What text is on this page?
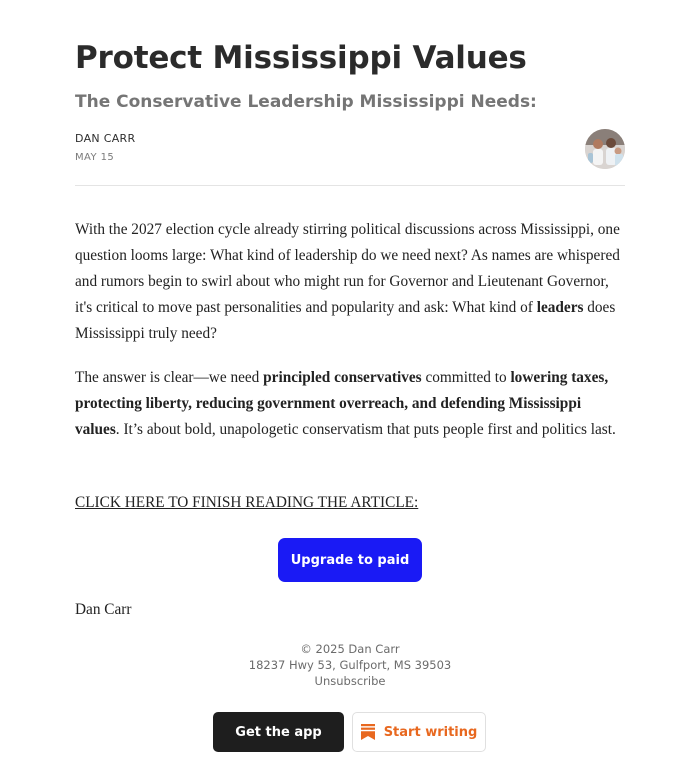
Protect Mississippi Values
The Conservative Leadership Mississippi Needs:
DAN CARR
MAY 15

With the 2027 election cycle already stirring political discussions across Mississippi, one question looms large: What kind of leadership do we need next? As names are whispered and rumors begin to swirl about who might run for Governor and Lieutenant Governor, it's critical to move past personalities and popularity and ask: What kind of leaders does Mississippi truly need?

The answer is clear—we need principled conservatives committed to lowering taxes, protecting liberty, reducing government overreach, and defending Mississippi values. It’s about bold, unapologetic conservatism that puts people first and politics last.

CLICK HERE TO FINISH READING THE ARTICLE:
Upgrade to paid
Dan Carr
© 2025 Dan Carr
18237 Hwy 53, Gulfport, MS 39503
Unsubscribe
Get the app	Start writing
